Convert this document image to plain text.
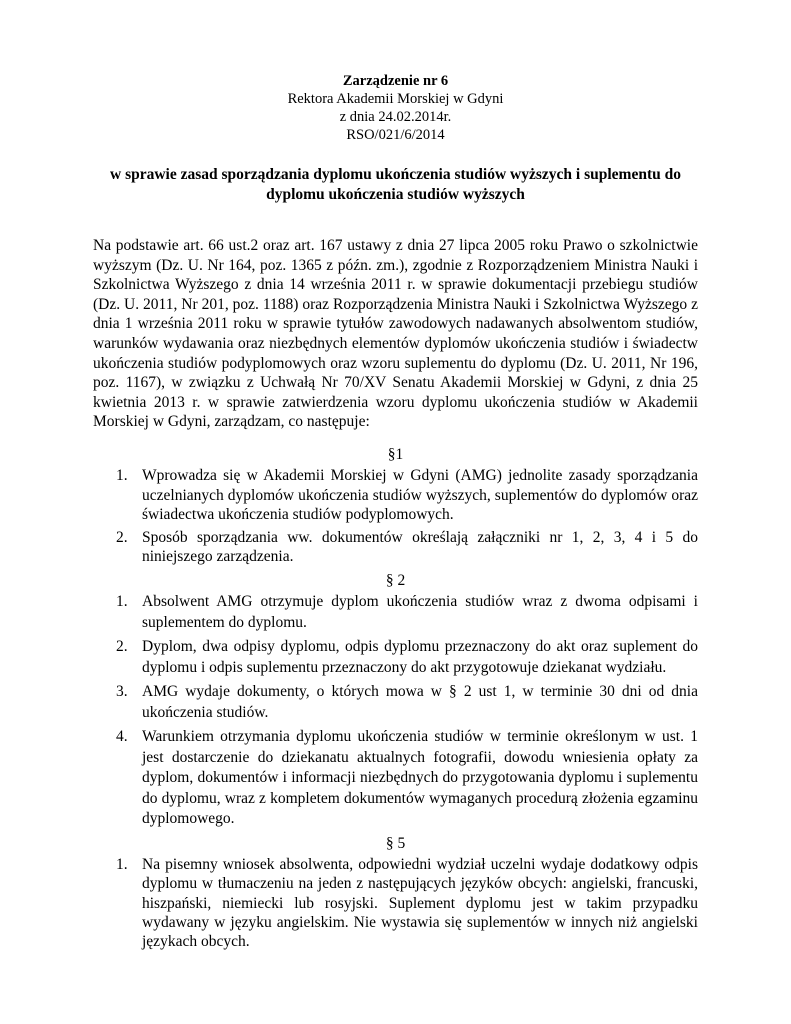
Zarządzenie nr 6
Rektora Akademii Morskiej w Gdyni
z dnia 24.02.2014r.
RSO/021/6/2014
w sprawie zasad sporządzania dyplomu ukończenia studiów wyższych i suplementu do dyplomu ukończenia studiów wyższych
Na podstawie art. 66 ust.2 oraz art. 167 ustawy z dnia 27 lipca 2005 roku Prawo o szkolnictwie wyższym (Dz. U. Nr 164, poz. 1365 z późn. zm.), zgodnie z Rozporządzeniem Ministra Nauki i Szkolnictwa Wyższego z dnia 14 września 2011 r. w sprawie dokumentacji przebiegu studiów (Dz. U. 2011, Nr 201, poz. 1188) oraz Rozporządzenia Ministra Nauki i Szkolnictwa Wyższego z dnia 1 września 2011 roku w sprawie tytułów zawodowych nadawanych absolwentom studiów, warunków wydawania oraz niezbędnych elementów dyplomów ukończenia studiów i świadectw ukończenia studiów podyplomowych oraz wzoru suplementu do dyplomu (Dz. U. 2011, Nr 196, poz. 1167), w związku z Uchwałą Nr 70/XV Senatu Akademii Morskiej w Gdyni, z dnia 25 kwietnia 2013 r. w sprawie zatwierdzenia wzoru dyplomu ukończenia studiów w Akademii Morskiej w Gdyni, zarządzam, co następuje:
§1
1. Wprowadza się w Akademii Morskiej w Gdyni (AMG) jednolite zasady sporządzania uczelnianych dyplomów ukończenia studiów wyższych, suplementów do dyplomów oraz świadectwa ukończenia studiów podyplomowych.
2. Sposób sporządzania ww. dokumentów określają załączniki nr 1, 2, 3, 4 i 5 do niniejszego zarządzenia.
§ 2
1. Absolwent AMG otrzymuje dyplom ukończenia studiów wraz z dwoma odpisami i suplementem do dyplomu.
2. Dyplom, dwa odpisy dyplomu, odpis dyplomu przeznaczony do akt oraz suplement do dyplomu i odpis suplementu przeznaczony do akt przygotowuje dziekanat wydziału.
3. AMG wydaje dokumenty, o których mowa w § 2 ust 1, w terminie 30 dni od dnia ukończenia studiów.
4. Warunkiem otrzymania dyplomu ukończenia studiów w terminie określonym w ust. 1 jest dostarczenie do dziekanatu aktualnych fotografii, dowodu wniesienia opłaty za dyplom, dokumentów i informacji niezbędnych do przygotowania dyplomu i suplementu do dyplomu, wraz z kompletem dokumentów wymaganych procedurą złożenia egzaminu dyplomowego.
§ 5
1. Na pisemny wniosek absolwenta, odpowiedni wydział uczelni wydaje dodatkowy odpis dyplomu w tłumaczeniu na jeden z następujących języków obcych: angielski, francuski, hiszpański, niemiecki lub rosyjski. Suplement dyplomu jest w takim przypadku wydawany w języku angielskim. Nie wystawia się suplementów w innych niż angielski językach obcych.
